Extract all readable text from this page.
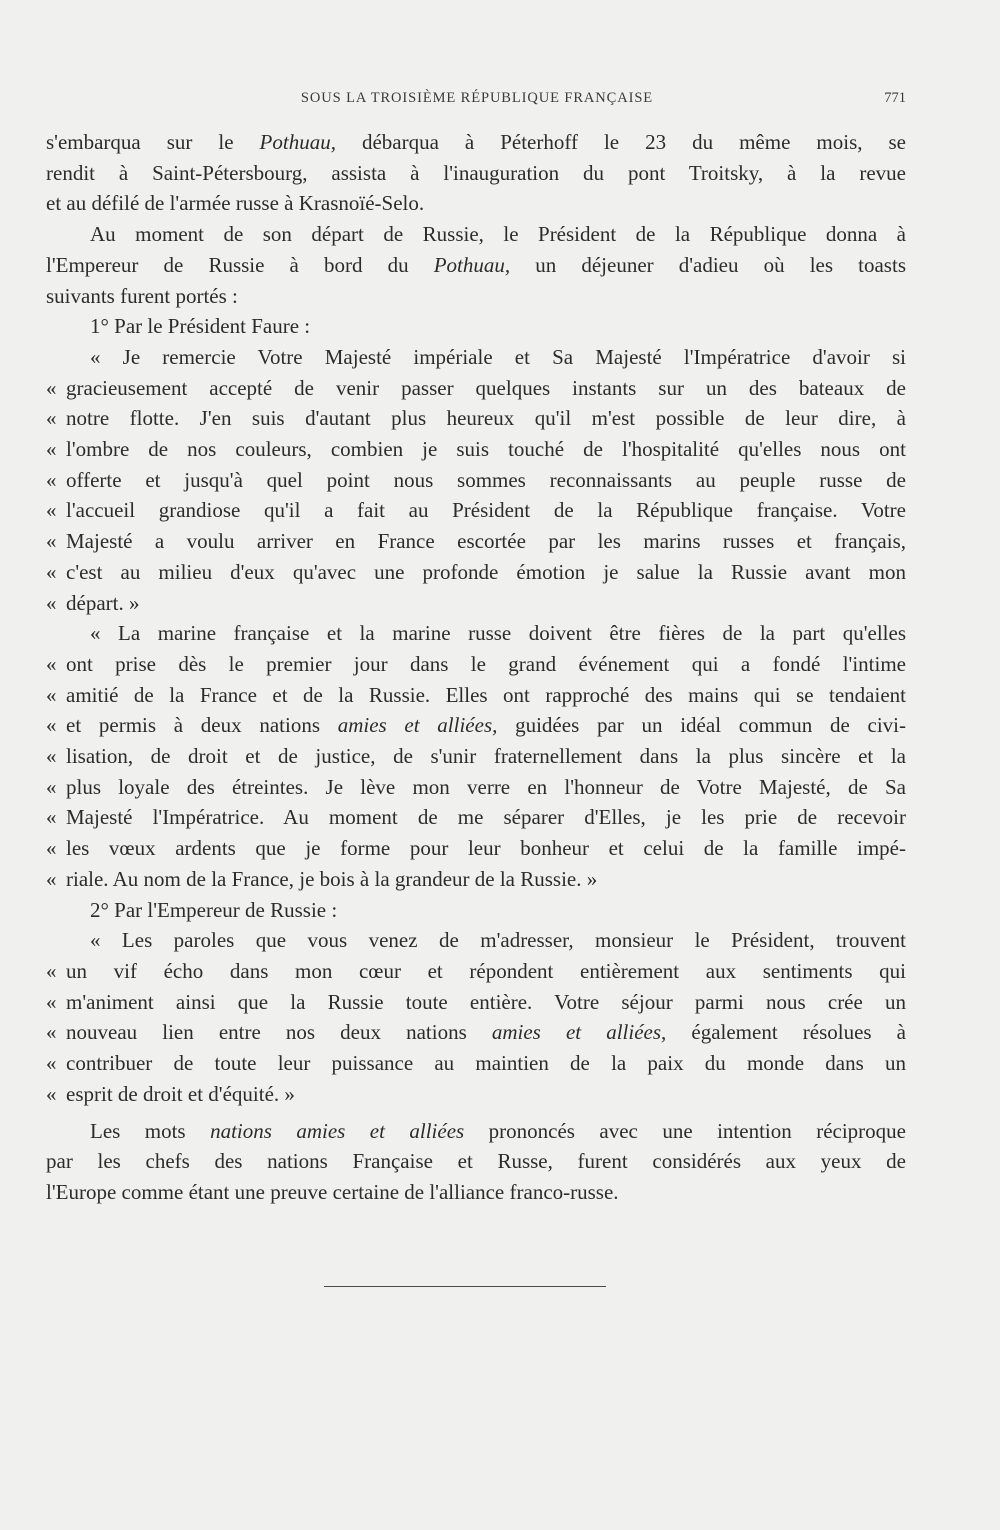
SOUS LA TROISIÈME RÉPUBLIQUE FRANÇAISE	771
s'embarqua sur le Pothuau, débarqua à Péterhoff le 23 du même mois, se
rendit à Saint-Pétersbourg, assista à l'inauguration du pont Troitsky, à la revue
et au défilé de l'armée russe à Krasnoïé-Selo.
Au moment de son départ de Russie, le Président de la République donna à
l'Empereur de Russie à bord du Pothuau, un déjeuner d'adieu où les toasts
suivants furent portés :
1° Par le Président Faure :
« Je remercie Votre Majesté impériale et Sa Majesté l'Impératrice d'avoir si
« gracieusement accepté de venir passer quelques instants sur un des bateaux de
« notre flotte. J'en suis d'autant plus heureux qu'il m'est possible de leur dire, à
« l'ombre de nos couleurs, combien je suis touché de l'hospitalité qu'elles nous ont
« offerte et jusqu'à quel point nous sommes reconnaissants au peuple russe de
« l'accueil grandiose qu'il a fait au Président de la République française. Votre
« Majesté a voulu arriver en France escortée par les marins russes et français,
« c'est au milieu d'eux qu'avec une profonde émotion je salue la Russie avant mon
« départ. »
« La marine française et la marine russe doivent être fières de la part qu'elles
« ont prise dès le premier jour dans le grand événement qui a fondé l'intime
« amitié de la France et de la Russie. Elles ont rapproché des mains qui se tendaient
« et permis à deux nations amies et alliées, guidées par un idéal commun de civi-
« lisation, de droit et de justice, de s'unir fraternellement dans la plus sincère et la
« plus loyale des étreintes. Je lève mon verre en l'honneur de Votre Majesté, de Sa
« Majesté l'Impératrice. Au moment de me séparer d'Elles, je les prie de recevoir
« les vœux ardents que je forme pour leur bonheur et celui de la famille impé-
« riale. Au nom de la France, je bois à la grandeur de la Russie. »
2° Par l'Empereur de Russie :
« Les paroles que vous venez de m'adresser, monsieur le Président, trouvent
« un vif écho dans mon cœur et répondent entièrement aux sentiments qui
« m'animent ainsi que la Russie toute entière. Votre séjour parmi nous crée un
« nouveau lien entre nos deux nations amies et alliées, également résolues à
« contribuer de toute leur puissance au maintien de la paix du monde dans un
« esprit de droit et d'équité. »
Les mots nations amies et alliées prononcés avec une intention réciproque
par les chefs des nations Française et Russe, furent considérés aux yeux de
l'Europe comme étant une preuve certaine de l'alliance franco-russe.
